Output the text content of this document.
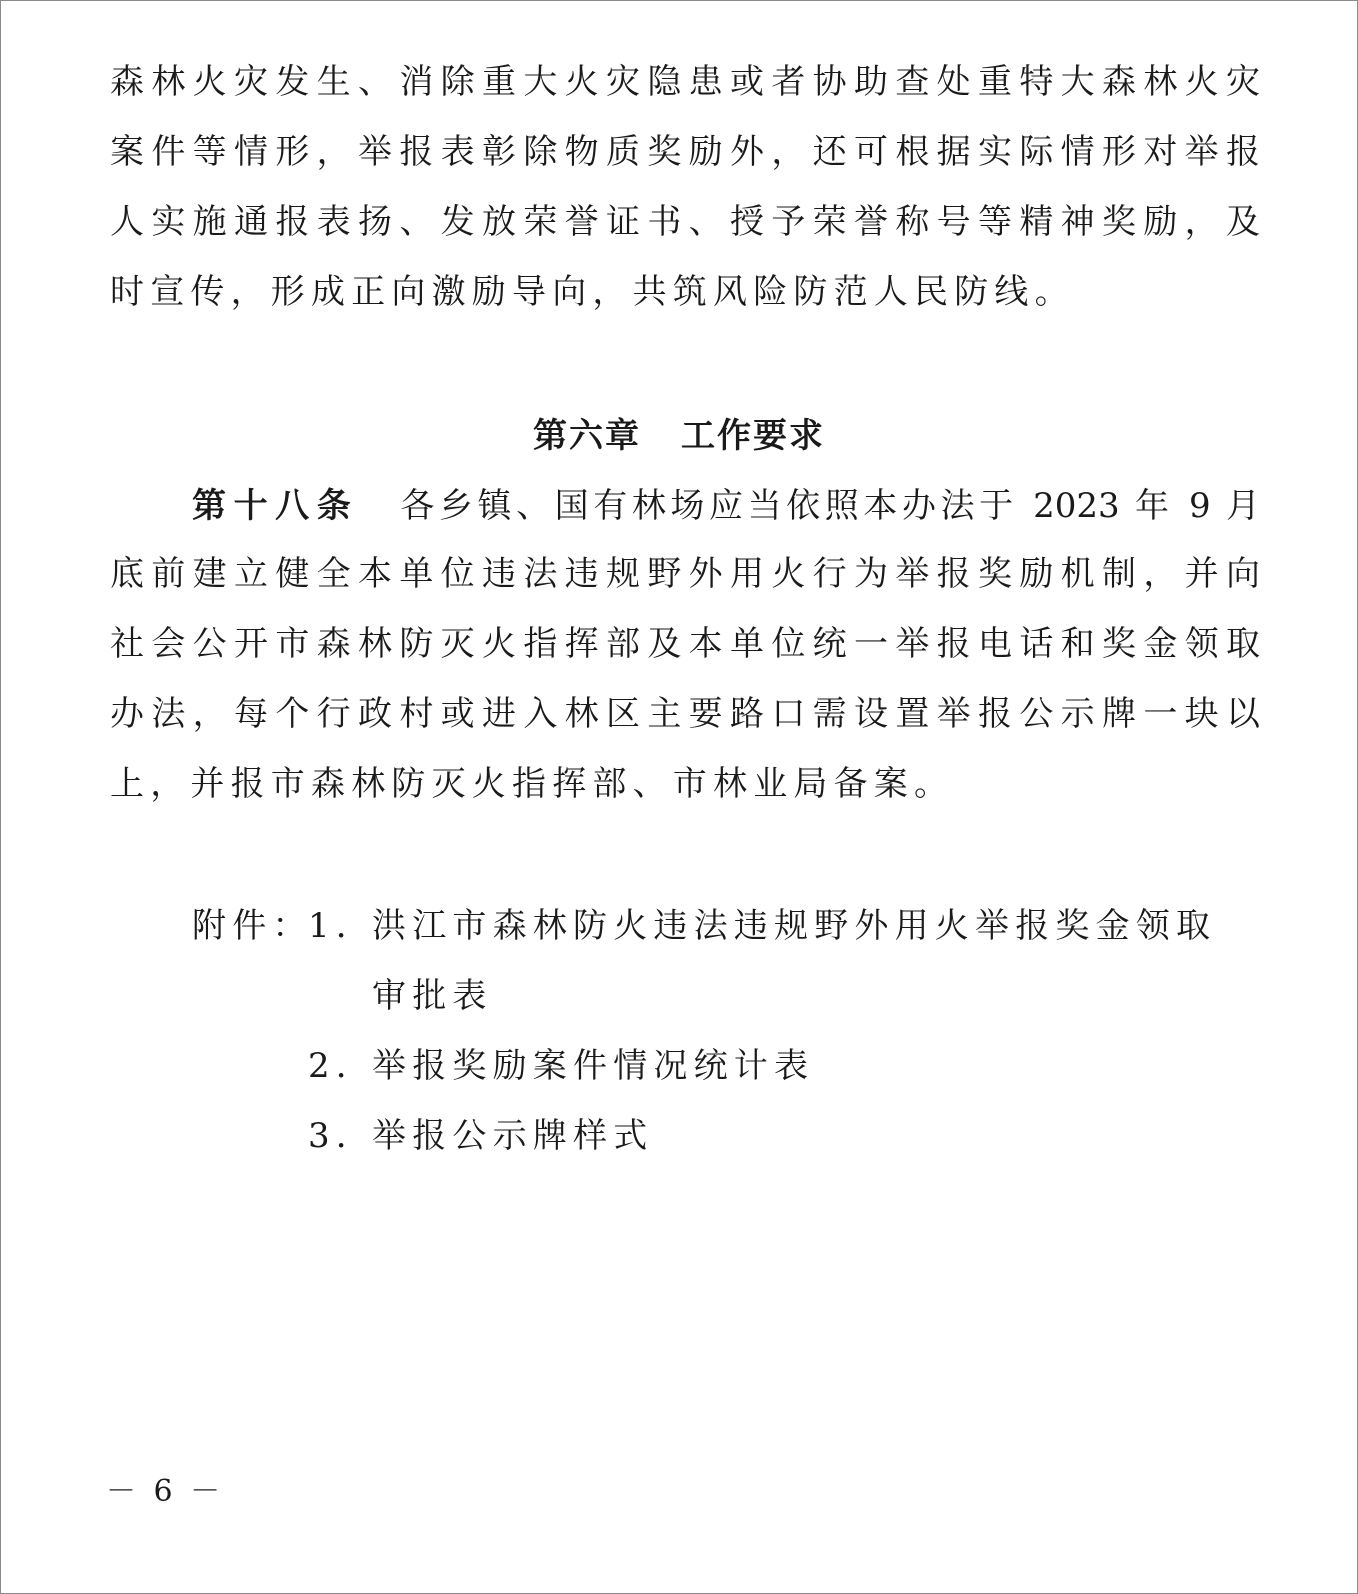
森林火灾发生、消除重大火灾隐患或者协助查处重特大森林火灾
案件等情形，举报表彰除物质奖励外，还可根据实际情形对举报
人实施通报表扬、发放荣誉证书、授予荣誉称号等精神奖励，及
时宣传，形成正向激励导向，共筑风险防范人民防线。
第六章 工作要求
第十八条 各乡镇、国有林场应当依照本办法于 2023 年 9 月
底前建立健全本单位违法违规野外用火行为举报奖励机制，并向
社会公开市森林防灭火指挥部及本单位统一举报电话和奖金领取
办法，每个行政村或进入林区主要路口需设置举报公示牌一块以
上，并报市森林防灭火指挥部、市林业局备案。
附件：
1．
洪江市森林防火违法违规野外用火举报奖金领取
审批表
2．
举报奖励案件情况统计表
3．
举报公示牌样式
－ 6 －
